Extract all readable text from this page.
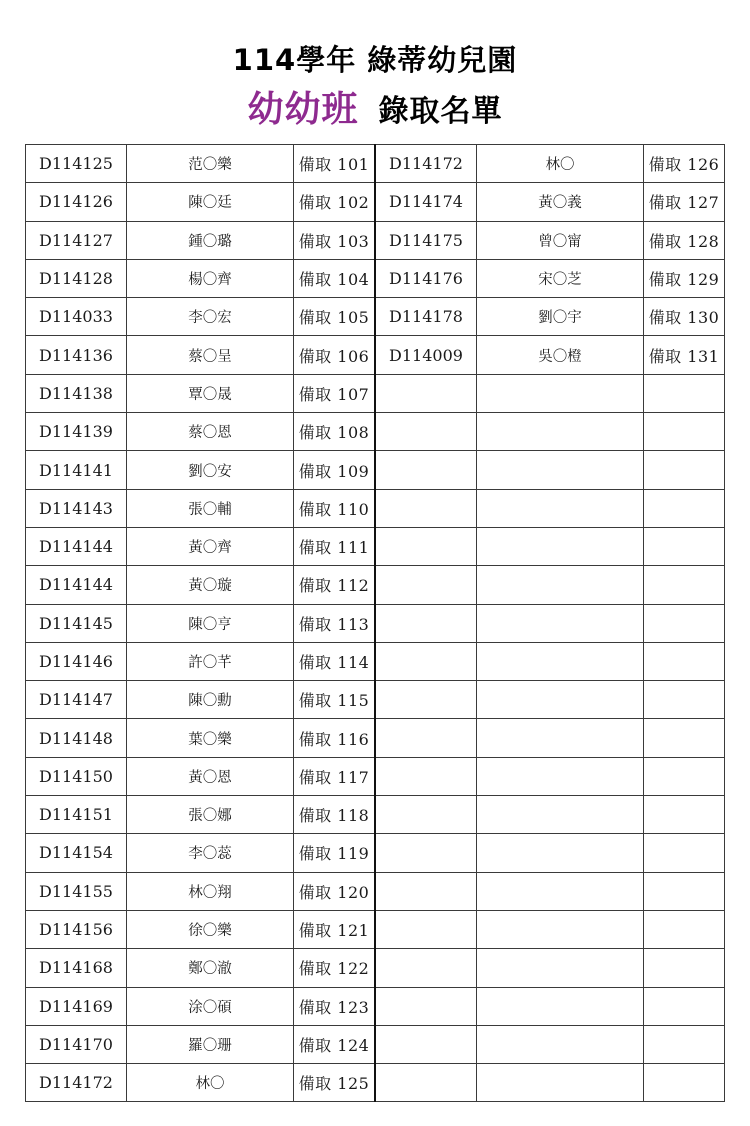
114學年 綠蒂幼兒園
幼幼班 錄取名單
D114125	范〇樂	備取 101	D114172	林〇	備取 126
D114126	陳〇廷	備取 102	D114174	黃〇義	備取 127
D114127	鍾〇璐	備取 103	D114175	曾〇甯	備取 128
D114128	楊〇齊	備取 104	D114176	宋〇芝	備取 129
D114033	李〇宏	備取 105	D114178	劉〇宇	備取 130
D114136	蔡〇呈	備取 106	D114009	吳〇橙	備取 131
D114138	覃〇晟	備取 107			
D114139	蔡〇恩	備取 108			
D114141	劉〇安	備取 109			
D114143	張〇輔	備取 110			
D114144	黃〇齊	備取 111			
D114144	黃〇璇	備取 112			
D114145	陳〇亨	備取 113			
D114146	許〇芊	備取 114			
D114147	陳〇勳	備取 115			
D114148	葉〇樂	備取 116			
D114150	黃〇恩	備取 117			
D114151	張〇娜	備取 118			
D114154	李〇蕊	備取 119			
D114155	林〇翔	備取 120			
D114156	徐〇樂	備取 121			
D114168	鄭〇澈	備取 122			
D114169	涂〇碩	備取 123			
D114170	羅〇珊	備取 124			
D114172	林〇	備取 125			
